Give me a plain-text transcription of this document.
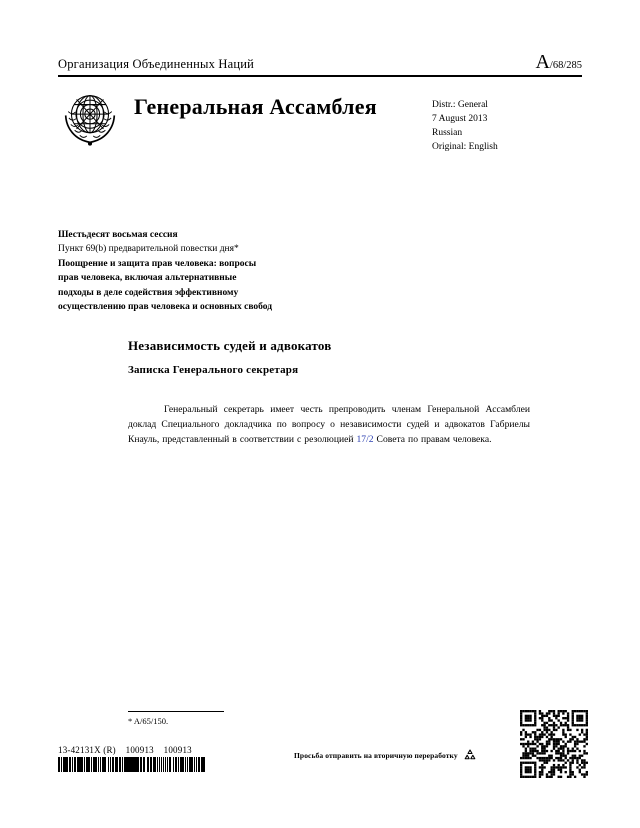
Организация Объединенных Наций	A/68/285
Генеральная Ассамблея	Distr.: General
7 August 2013
Russian
Original: English
Шестьдесят восьмая сессия
Пункт 69(b) предварительной повестки дня*
Поощрение и защита прав человека: вопросы
прав человека, включая альтернативные
подходы в деле содействия эффективному
осуществлению прав человека и основных свобод
Независимость судей и адвокатов
Записка Генерального секретаря

Генеральный секретарь имеет честь препроводить членам Генеральной Ассамблеи доклад Специального докладчика по вопросу о независимости судей и адвокатов Габриелы Кнауль, представленный в соответствии с резолюцией 17/2 Совета по правам человека.

* A/65/150.
13-42131X (R)    100913    100913
Просьба отправить на вторичную переработку
